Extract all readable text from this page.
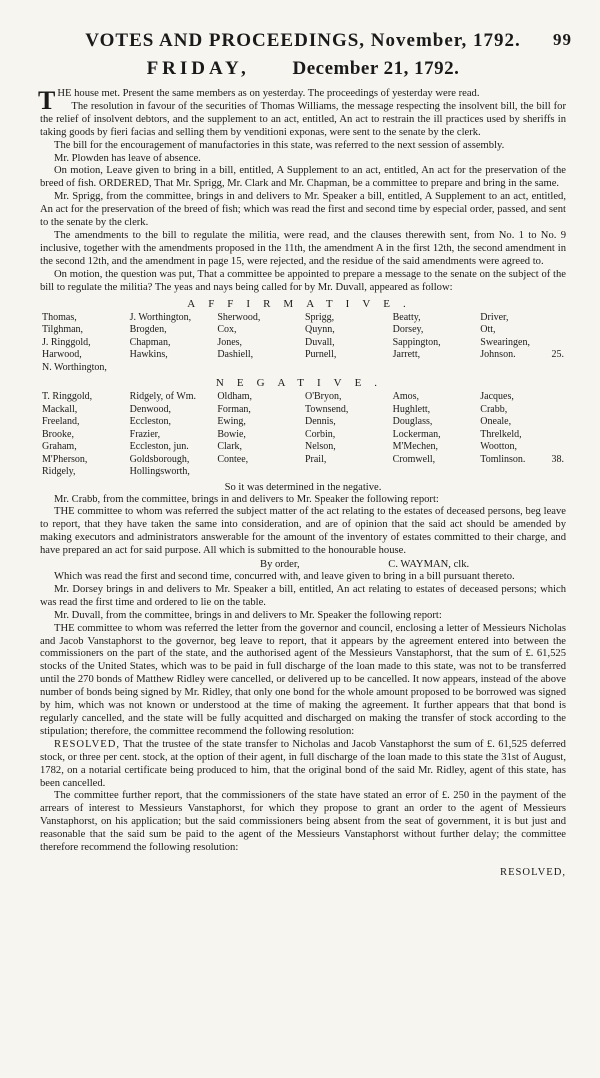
VOTES AND PROCEEDINGS, November, 1792. 99
FRIDAY, December 21, 1792.

THE house met. Present the same members as on yesterday. The proceedings of yesterday were read.

The resolution in favour of the securities of Thomas Williams, the message respecting the insolvent bill, the bill for the relief of insolvent debtors, and the supplement to an act, entitled, An act to restrain the ill practices used by sheriffs in taking goods by fieri facias and selling them by venditioni exponas, were sent to the senate by the clerk.

The bill for the encouragement of manufactories in this state, was referred to the next session of assembly.

Mr. Plowden has leave of absence.

On motion, Leave given to bring in a bill, entitled, A Supplement to an act, entitled, An act for the preservation of the breed of fish. ORDERED, That Mr. Sprigg, Mr. Clark and Mr. Chapman, be a committee to prepare and bring in the same.

Mr. Sprigg, from the committee, brings in and delivers to Mr. Speaker a bill, entitled, A Supplement to an act, entitled, An act for the preservation of the breed of fish; which was read the first and second time by especial order, passed, and sent to the senate by the clerk.

The amendments to the bill to regulate the militia, were read, and the clauses therewith sent, from No. 1 to No. 9 inclusive, together with the amendments proposed in the 11th, the amendment A in the first 12th, the second amendment in the second 12th, and the amendment in page 15, were rejected, and the residue of the said amendments were agreed to.

On motion, the question was put, That a committee be appointed to prepare a message to the senate on the subject of the bill to regulate the militia? The yeas and nays being called for by Mr. Duvall, appeared as follow:

AFFIRMATIVE.
Thomas,	J. Worthington,	Sherwood,	Sprigg,	Beatty,	Driver,
Tilghman,	Brogden,	Cox,	Quynn,	Dorsey,	Ott,
J. Ringgold,	Chapman,	Jones,	Duvall,	Sappington,	Swearingen,
Harwood,	Hawkins,	Dashiell,	Purnell,	Jarrett,	Johnson. 25.

N. Worthington,					
NEGATIVE.
T. Ringgold,	Ridgely, of Wm.	Oldham,	O'Bryon,	Amos,	Jacques,
Mackall,	Denwood,	Forman,	Townsend,	Hughlett,	Crabb,
Freeland,	Eccleston,	Ewing,	Dennis,	Douglass,	Oneale,
Brooke,	Frazier,	Bowie,	Corbin,	Lockerman,	Threlkeld,
Graham,	Eccleston, jun.	Clark,	Nelson,	M'Mechen,	Wootton,
M'Pherson,	Goldsborough,	Contee,	Prail,	Cromwell,	Tomlinson. 38.

Ridgely,	Hollingsworth,				
So it was determined in the negative.

Mr. Crabb, from the committee, brings in and delivers to Mr. Speaker the following report:

THE committee to whom was referred the subject matter of the act relating to the estates of deceased persons, beg leave to report, that they have taken the same into consideration, and are of opinion that the said act should be amended by making executors and administrators answerable for the amount of the inventory of estates committed to their charge, and have prepared an act for said purpose. All which is submitted to the honourable house.

By order,	C. WAYMAN, clk.

Which was read the first and second time, concurred with, and leave given to bring in a bill pursuant thereto.

Mr. Dorsey brings in and delivers to Mr. Speaker a bill, entitled, An act relating to estates of deceased persons; which was read the first time and ordered to lie on the table.

Mr. Duvall, from the committee, brings in and delivers to Mr. Speaker the following report:

THE committee to whom was referred the letter from the governor and council, enclosing a letter of Messieurs Nicholas and Jacob Vanstaphorst to the governor, beg leave to report, that it appears by the agreement entered into between the commissioners on the part of the state, and the authorised agent of the Messieurs Vanstaphorst, that the sum of £. 61,525 stocks of the United States, which was to be paid in full discharge of the loan made to this state, was not to be transferred until the 270 bonds of Matthew Ridley were cancelled, or delivered up to be cancelled. It now appears, instead of the above number of bonds being signed by Mr. Ridley, that only one bond for the whole amount proposed to be borrowed was signed by him, which was not known or understood at the time of making the agreement. It further appears that that bond is regularly cancelled, and the state will be fully acquitted and discharged on making the transfer of stock according to the stipulation; therefore, the committee recommend the following resolution:

RESOLVED, That the trustee of the state transfer to Nicholas and Jacob Vanstaphorst the sum of £. 61,525 deferred stock, or three per cent. stock, at the option of their agent, in full discharge of the loan made to this state the 31st of August, 1782, on a notarial certificate being produced to him, that the original bond of the said Mr. Ridley, agent of this state, has been cancelled.

The committee further report, that the commissioners of the state have stated an error of £. 250 in the payment of the arrears of interest to Messieurs Vanstaphorst, for which they propose to grant an order to the agent of Messieurs Vanstaphorst, on his application; but the said commissioners being absent from the seat of government, it is but just and reasonable that the said sum be paid to the agent of the Messieurs Vanstaphorst without further delay; the committee therefore recommend the following resolution:

RESOLVED,
